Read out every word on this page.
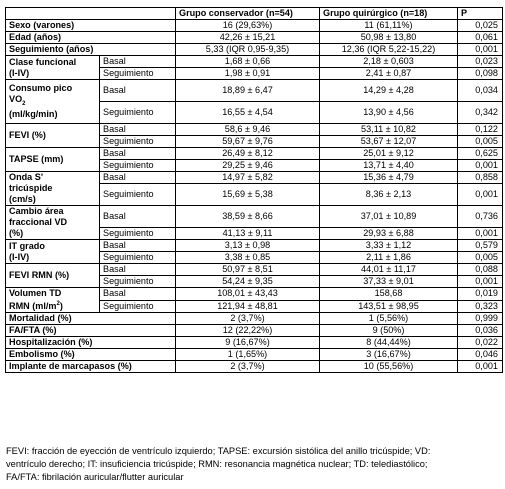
		Grupo conservador (n=54)	Grupo quirúrgico (n=18)	P
Sexo (varones)		16 (29,63%)	11 (61,11%)	0,025
Edad (años)		42,26 ± 15,21	50,98 ± 13,80	0,061
Seguimiento (años)		5,33 (IQR 0,95-9,35)	12,36 (IQR 5,22-15,22)	0,001
Clase funcional
(I-IV)	Basal	1,68 ± 0,66	2,18 ± 0,603	0,023
	Seguimiento	1,98 ± 0,91	2,41 ± 0,87	0,098
Consumo pico
$VO_2$
(ml/kg/min)	Basal	18,89 ± 6,47	14,29 ± 4,28	0,034
	Seguimiento	16,55 ± 4,54	13,90 ± 4,56	0,342
FEVI (%)	Basal	58,6 ± 9,46	53,11 ± 10,82	0,122
	Seguimiento	59,67 ± 9,76	53,67 ± 12,07	0,005
TAPSE (mm)	Basal	26,49 ± 8,12	25,01 ± 9,12	0,625
	Seguimiento	29,25 ± 9,46	13,71 ± 4,40	0,001
Onda S'
tricúspide
(cm/s)	Basal	14,97 ± 5,82	15,36 ± 4,79	0,858
	Seguimiento	15,69 ± 5,38	8,36 ± 2,13	0,001
Cambio área
fraccional VD
(%)	Basal	38,59 ± 8,66	37,01 ± 10,89	0,736
	Seguimiento	41,13 ± 9,11	29,93 ± 6,88	0,001
IT grado
(I-IV)	Basal	3,13 ± 0,98	3,33 ± 1,12	0,579
	Seguimiento	3,38 ± 0,85	2,11 ± 1,86	0,005
FEVI RMN (%)	Basal	50,97 ± 8,51	44,01 ± 11,17	0,088
	Seguimiento	54,24 ± 9,35	37,33 ± 9,01	0,001
Volumen TD
RMN $(ml/m^2)$	Basal	108,01 ± 43,43	158,68	0,019
	Seguimiento	121,94 ± 48,81	143,51 ± 98,95	0,323
Mortalidad (%)		2 (3,7%)	1 (5,56%)	0,999
FA/FTA (%)		12 (22,22%)	9 (50%)	0,036
Hospitalización (%)		9 (16,67%)	8 (44,44%)	0,022
Embolismo (%)		1 (1,65%)	3 (16,67%)	0,046
Implante de marcapasos (%)		2 (3,7%)	10 (55,56%)	0,001
FEVI: fracción de eyección de ventrículo izquierdo; TAPSE: excursión sistólica del anillo tricúspide; VD:
ventrículo derecho; IT: insuficiencia tricúspide; RMN: resonancia magnética nuclear; TD: telediastólico;
FA/FTA: fibrilación auricular/flutter auricular
